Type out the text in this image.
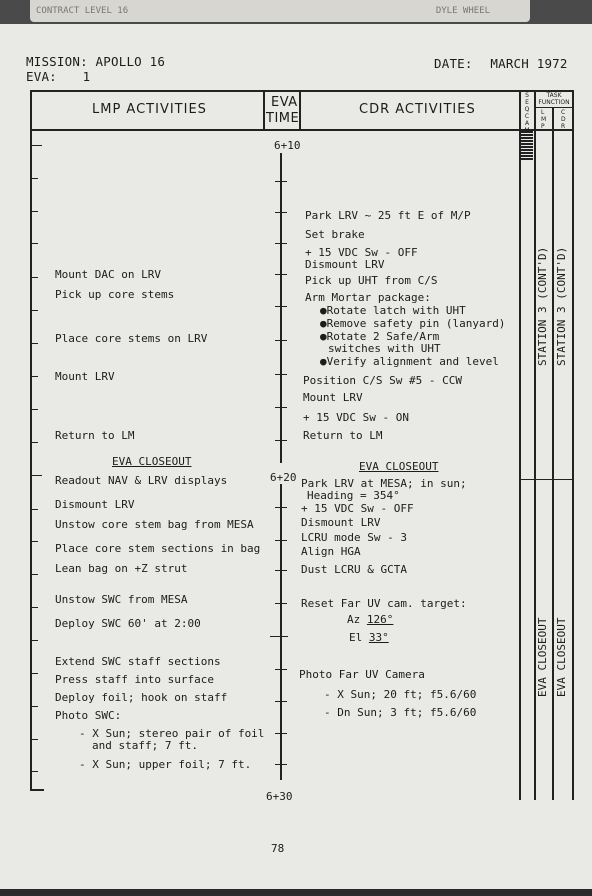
CONTRACT LEVEL 16	DYLE WHEEL
MISSION: APOLLO 16
EVA: 1
DATE: MARCH 1972
LMP ACTIVITIES	EVA
TIME
CDR ACTIVITIES
SEQ CAM
TASK FUNCTION
LMP
CDR
6+10
6+20
6+30
Mount DAC on LRV
Pick up core stems
Place core stems on LRV
Mount LRV
Return to LM
EVA CLOSEOUT
Readout NAV & LRV displays
Dismount LRV
Unstow core stem bag from MESA
Place core stem sections in bag
Lean bag on +Z strut
Unstow SWC from MESA
Deploy SWC 60' at 2:00
Extend SWC staff sections
Press staff into surface
Deploy foil; hook on staff
Photo SWC:
- X Sun; stereo pair of foil
and staff; 7 ft.
- X Sun; upper foil; 7 ft.
Park LRV ~ 25 ft E of M/P
Set brake
+ 15 VDC Sw - OFF
Dismount LRV
Pick up UHT from C/S
Arm Mortar package:
●Rotate latch with UHT
●Remove safety pin (lanyard)
●Rotate 2 Safe/Arm
switches with UHT
●Verify alignment and level
Position C/S Sw #5 - CCW
Mount LRV
+ 15 VDC Sw - ON
Return to LM
EVA CLOSEOUT
Park LRV at MESA; in sun;
Heading = 354°
+ 15 VDC Sw - OFF
Dismount LRV
LCRU mode Sw - 3
Align HGA
Dust LCRU & GCTA
Reset Far UV cam. target:
Az 126°
El 33°
Photo Far UV Camera
- X Sun; 20 ft; f5.6/60
- Dn Sun; 3 ft; f5.6/60
STATION 3 (CONT'D) STATION 3 (CONT'D)
EVA CLOSEOUT EVA CLOSEOUT
78
